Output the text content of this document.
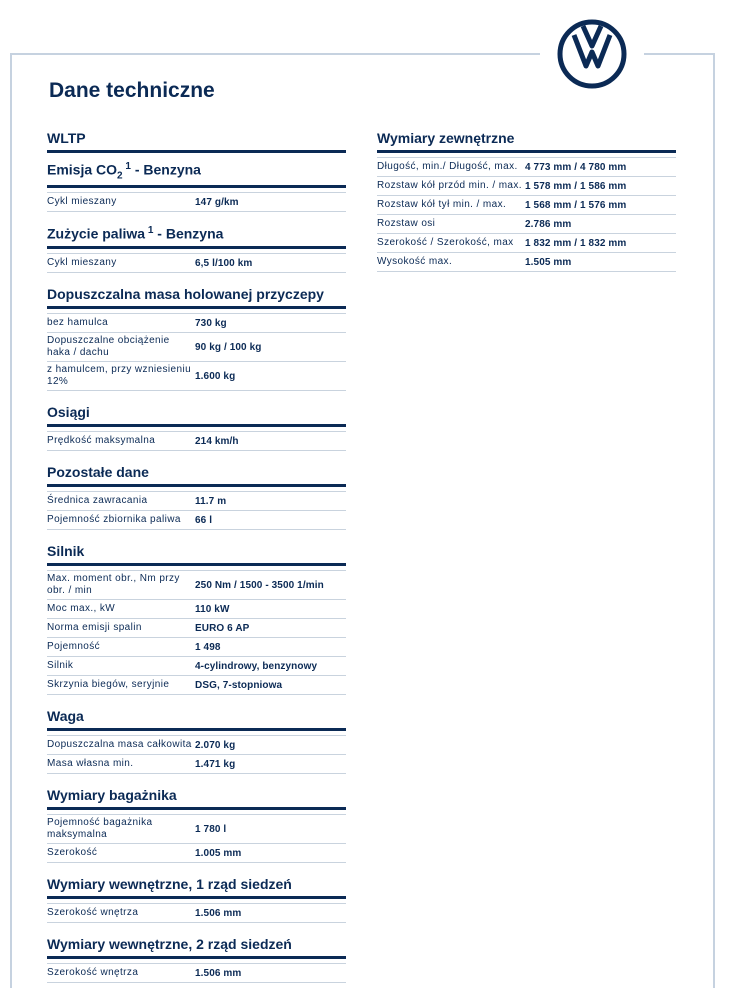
Dane techniczne
WLTP
Emisja $CO_2$ $^1$ - Benzyna
Cykl mieszany	147 g/km
Zużycie paliwa $^1$ - Benzyna
Cykl mieszany	6,5 l/100 km
Dopuszczalna masa holowanej przyczepy
bez hamulca	730 kg
Dopuszczalne obciążenie haka / dachu	90 kg / 100 kg
z hamulcem, przy wzniesieniu 12%	1.600 kg
Osiągi
Prędkość maksymalna	214 km/h
Pozostałe dane
Średnica zawracania	11.7 m
Pojemność zbiornika paliwa	66 l
Silnik
Max. moment obr., Nm przy obr. / min	250 Nm / 1500 - 3500 1/min
Moc max., kW	110 kW
Norma emisji spalin	EURO 6 AP
Pojemność	1 498
Silnik	4-cylindrowy, benzynowy
Skrzynia biegów, seryjnie	DSG, 7-stopniowa
Waga
Dopuszczalna masa całkowita 2.070 kg
Masa własna min.	1.471 kg
Wymiary bagażnika
Pojemność bagażnika maksymalna	1 780 l
Szerokość	1.005 mm
Wymiary wewnętrzne, 1 rząd siedzeń
Szerokość wnętrza	1.506 mm
Wymiary wewnętrzne, 2 rząd siedzeń
Szerokość wnętrza	1.506 mm
Wymiary zewnętrzne
Długość, min./ Długość, max. 4 773 mm / 4 780 mm
Rozstaw kół przód min. / max. 1 578 mm / 1 586 mm
Rozstaw kół tył min. / max.	1 568 mm / 1 576 mm
Rozstaw osi	2.786 mm
Szerokość / Szerokość, max	1 832 mm / 1 832 mm
Wysokość max.	1.505 mm
